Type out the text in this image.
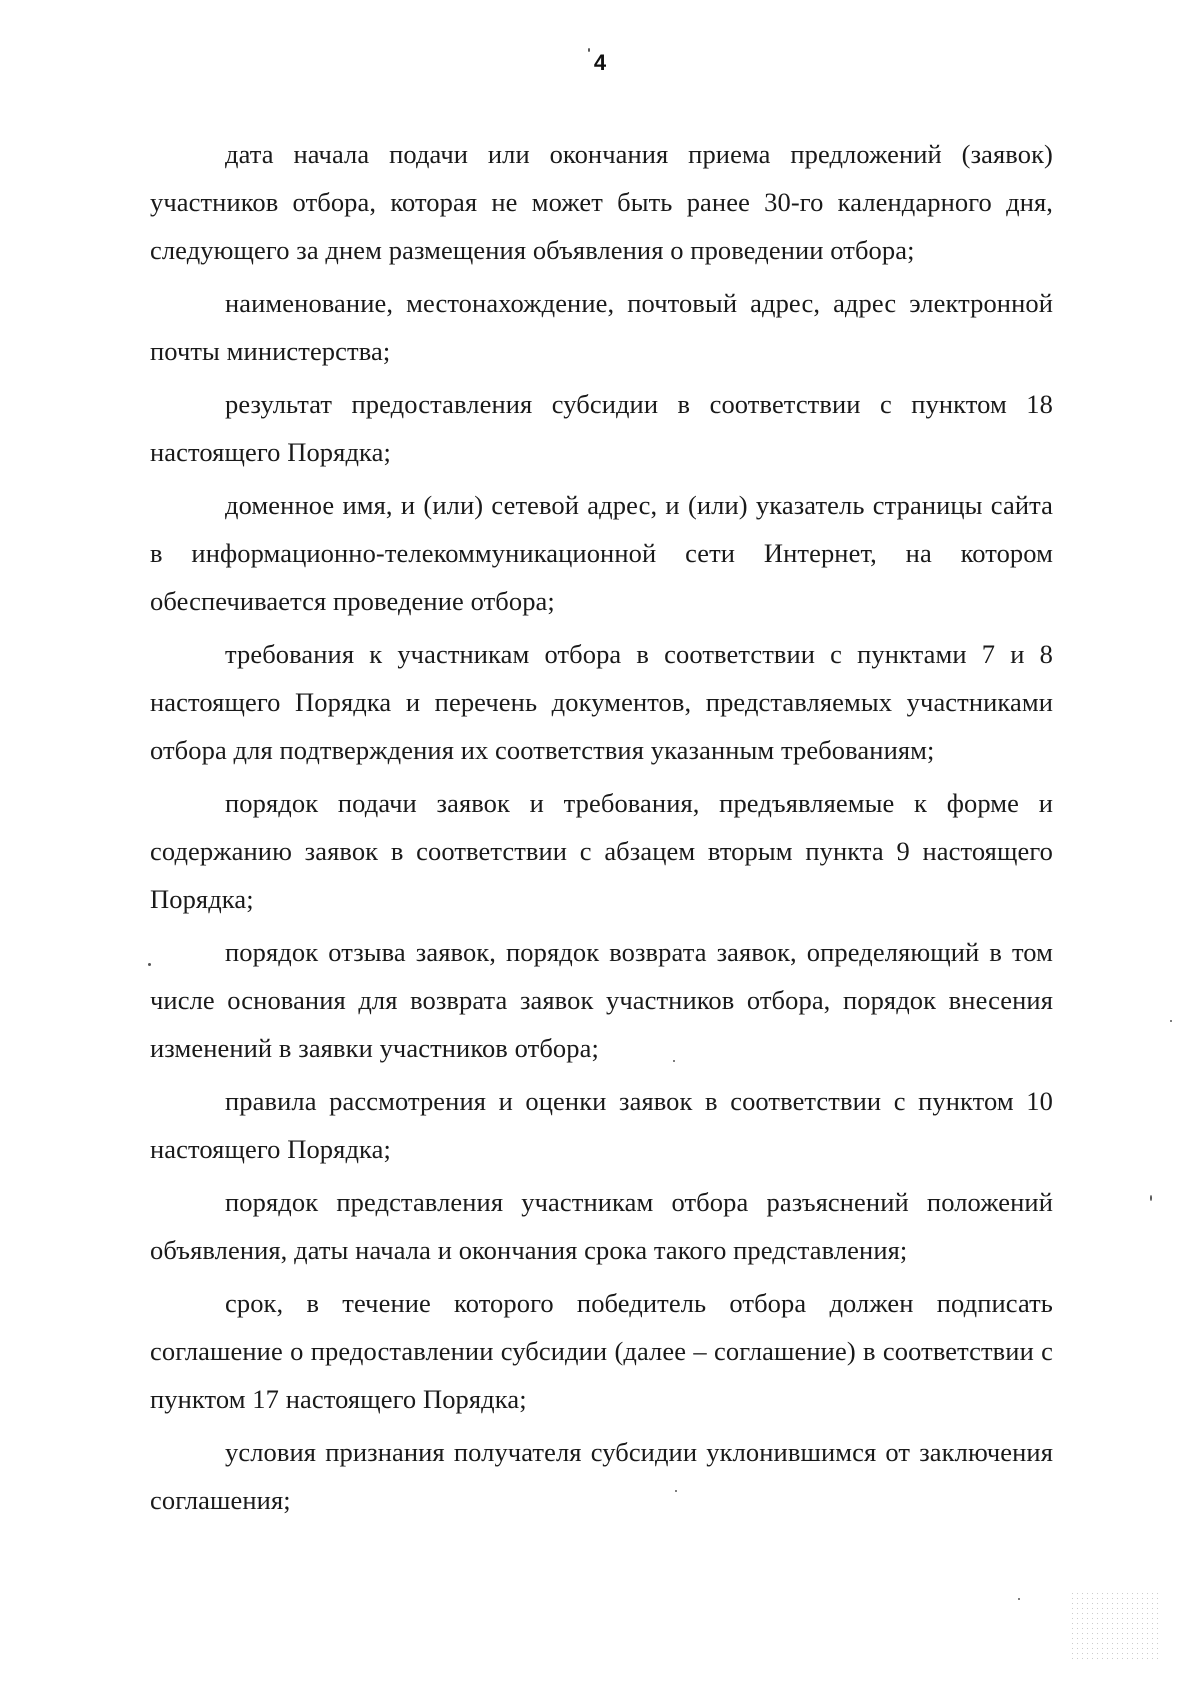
4

дата начала подачи или окончания приема предложений (заявок) участников отбора, которая не может быть ранее 30-го календарного дня, следующего за днем размещения объявления о проведении отбора;

наименование, местонахождение, почтовый адрес, адрес электронной почты министерства;

результат предоставления субсидии в соответствии с пунктом 18 настоящего Порядка;

доменное имя, и (или) сетевой адрес, и (или) указатель страницы сайта в информационно-телекоммуникационной сети Интернет, на котором обеспечивается проведение отбора;

требования к участникам отбора в соответствии с пунктами 7 и 8 настоящего Порядка и перечень документов, представляемых участниками отбора для подтверждения их соответствия указанным требованиям;

порядок подачи заявок и требования, предъявляемые к форме и содержанию заявок в соответствии с абзацем вторым пункта 9 настоящего Порядка;

порядок отзыва заявок, порядок возврата заявок, определяющий в том числе основания для возврата заявок участников отбора, порядок внесения изменений в заявки участников отбора;

правила рассмотрения и оценки заявок в соответствии с пунктом 10 настоящего Порядка;

порядок представления участникам отбора разъяснений положений объявления, даты начала и окончания срока такого представления;

срок, в течение которого победитель отбора должен подписать соглашение о предоставлении субсидии (далее – соглашение) в соответствии с пунктом 17 настоящего Порядка;

условия признания получателя субсидии уклонившимся от заключения соглашения;
